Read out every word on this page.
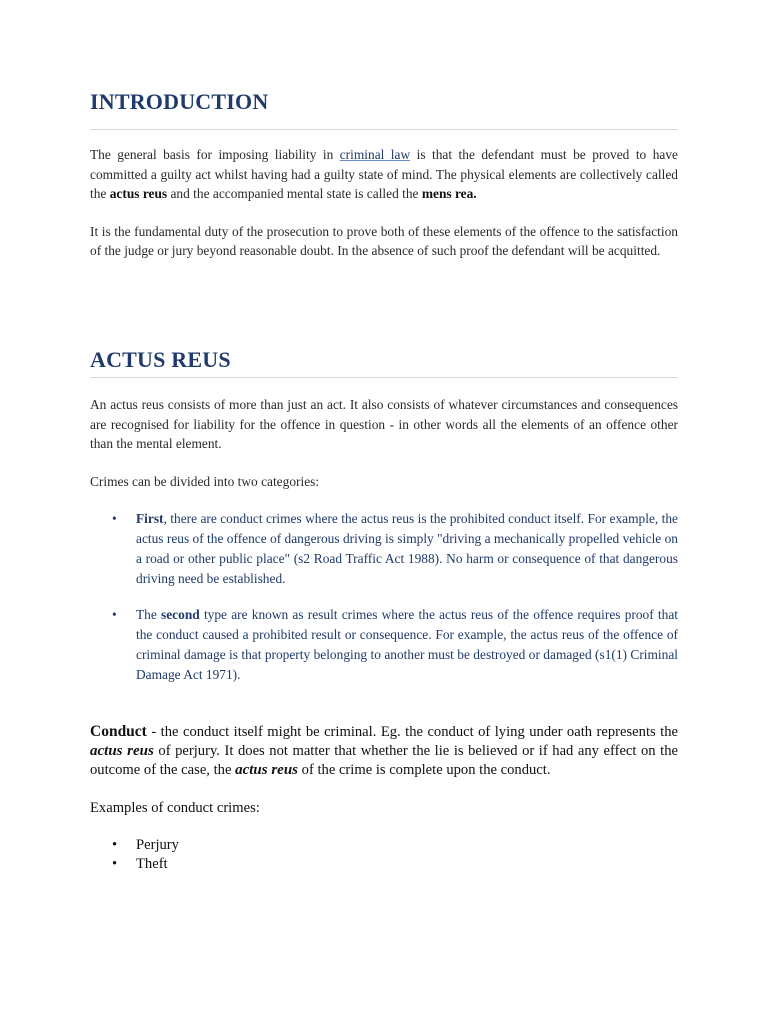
INTRODUCTION

The general basis for imposing liability in criminal law is that the defendant must be proved to have committed a guilty act whilst having had a guilty state of mind. The physical elements are collectively called the actus reus and the accompanied mental state is called the mens rea.

It is the fundamental duty of the prosecution to prove both of these elements of the offence to the satisfaction of the judge or jury beyond reasonable doubt. In the absence of such proof the defendant will be acquitted.

ACTUS REUS

An actus reus consists of more than just an act. It also consists of whatever circumstances and consequences are recognised for liability for the offence in question - in other words all the elements of an offence other than the mental element.

Crimes can be divided into two categories:

• First, there are conduct crimes where the actus reus is the prohibited conduct itself. For example, the actus reus of the offence of dangerous driving is simply "driving a mechanically propelled vehicle on a road or other public place" (s2 Road Traffic Act 1988). No harm or consequence of that dangerous driving need be established.
• The second type are known as result crimes where the actus reus of the offence requires proof that the conduct caused a prohibited result or consequence. For example, the actus reus of the offence of criminal damage is that property belonging to another must be destroyed or damaged (s1(1) Criminal Damage Act 1971).

Conduct - the conduct itself might be criminal. Eg. the conduct of lying under oath represents the actus reus of perjury. It does not matter that whether the lie is believed or if had any effect on the outcome of the case, the actus reus of the crime is complete upon the conduct.

Examples of conduct crimes:

• Perjury
• Theft
